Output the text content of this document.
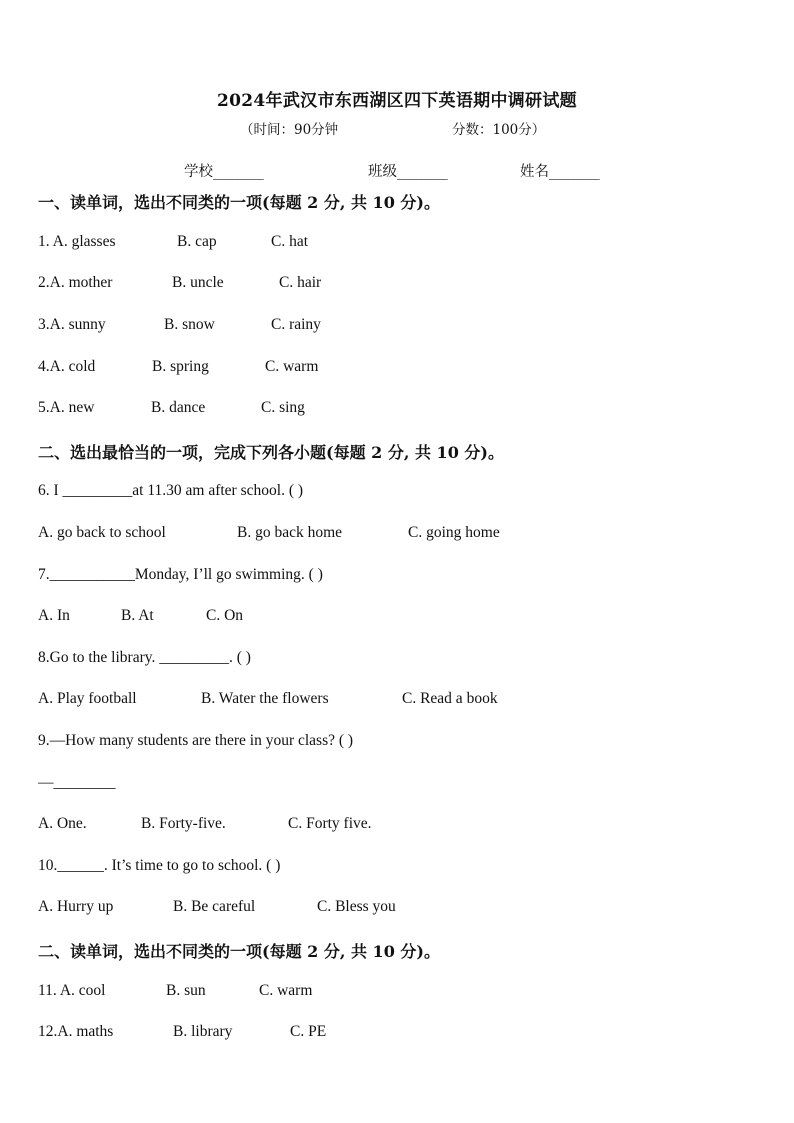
2024年武汉市东西湖区四下英语期中调研试题
（时间：90分钟	分数：100分）
学校_______	班级_______	姓名_______
一、读单词，选出不同类的一项(每题 2 分, 共 10 分)。
1. A. glasses	B. cap	C. hat
2.A. mother	B. uncle	C. hair
3.A. sunny	B. snow	C. rainy
4.A. cold	B. spring	C. warm
5.A. new	B. dance	C. sing
二、选出最恰当的一项，完成下列各小题(每题 2 分, 共 10 分)。
6. I _________at 11.30 am after school. ( )
A. go back to school	B. go back home	C. going home
7.___________Monday, I’ll go swimming. ( )
A. In	B. At	C. On
8.Go to the library. _________. ( )
A. Play football	B. Water the flowers	C. Read a book
9.—How many students are there in your class? ( )
—________
A. One.	B. Forty-five.	C. Forty five.
10.______. It’s time to go to school. ( )
A. Hurry up	B. Be careful	C. Bless you
二、读单词，选出不同类的一项(每题 2 分, 共 10 分)。
11. A. cool	B. sun	C. warm
12.A. maths	B. library	C. PE
